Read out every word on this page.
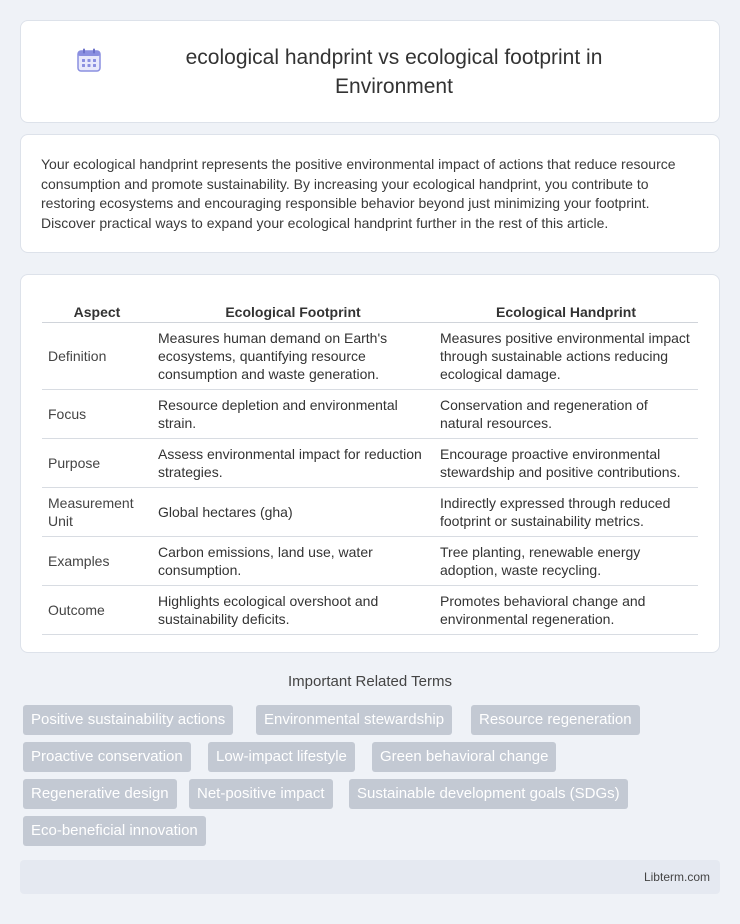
ecological handprint vs ecological footprint in Environment

Your ecological handprint represents the positive environmental impact of actions that reduce resource consumption and promote sustainability. By increasing your ecological handprint, you contribute to restoring ecosystems and encouraging responsible behavior beyond just minimizing your footprint. Discover practical ways to expand your ecological handprint further in the rest of this article.

Aspect	Ecological Footprint	Ecological Handprint
Definition	Measures human demand on Earth's ecosystems, quantifying resource consumption and waste generation.	Measures positive environmental impact through sustainable actions reducing ecological damage.
Focus	Resource depletion and environmental strain.	Conservation and regeneration of natural resources.
Purpose	Assess environmental impact for reduction strategies.	Encourage proactive environmental stewardship and positive contributions.
Measurement Unit	Global hectares (gha)	Indirectly expressed through reduced footprint or sustainability metrics.
Examples	Carbon emissions, land use, water consumption.	Tree planting, renewable energy adoption, waste recycling.
Outcome	Highlights ecological overshoot and sustainability deficits.	Promotes behavioral change and environmental regeneration.
Important Related Terms
Positive sustainability actions	Environmental stewardship	Resource regeneration
Proactive conservation	Low-impact lifestyle	Green behavioral change
Regenerative design	Net-positive impact	Sustainable development goals (SDGs)
Eco-beneficial innovation
Libterm.com
